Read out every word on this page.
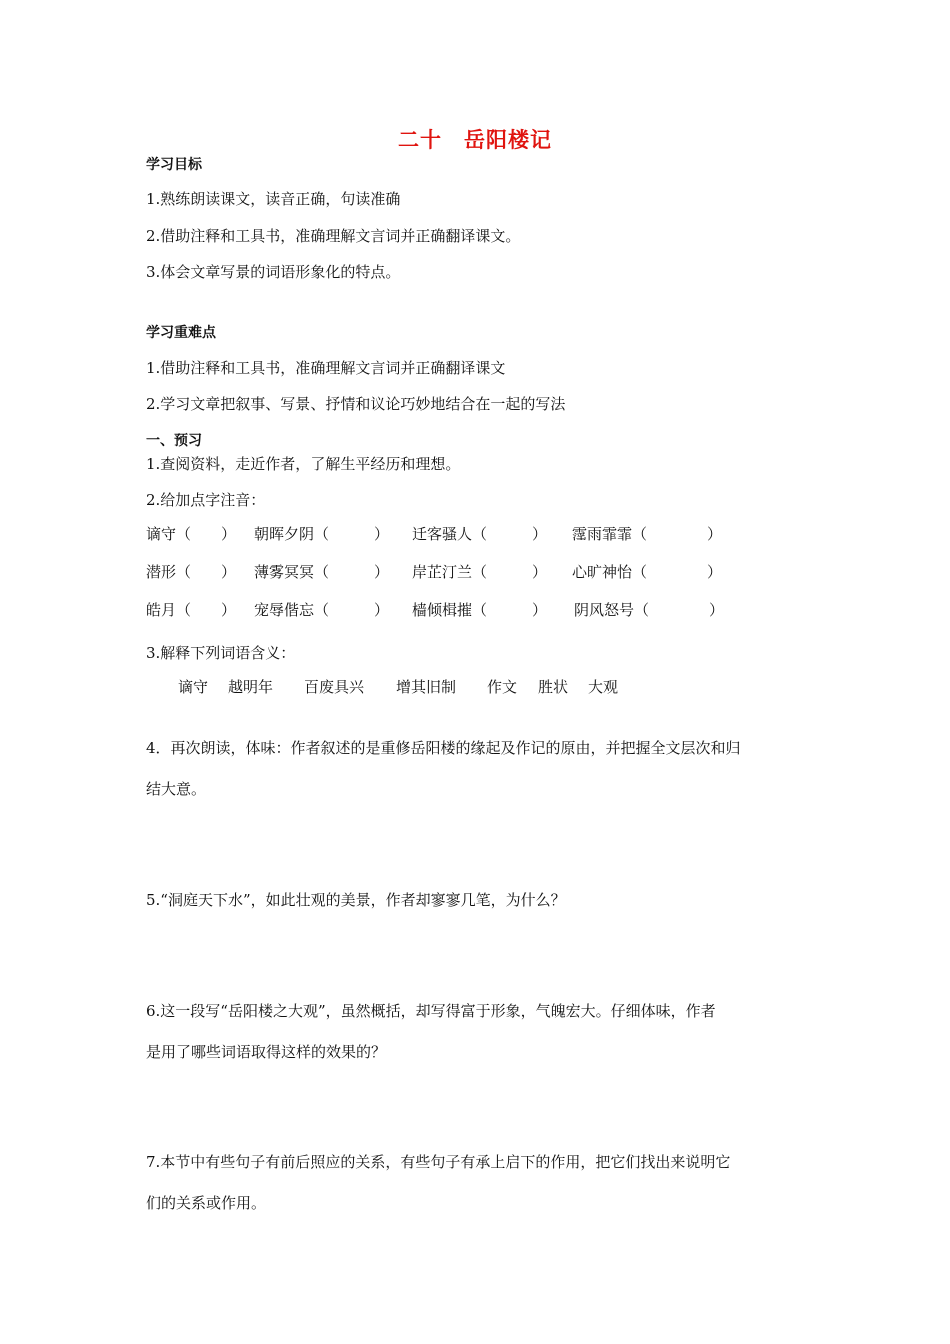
二十　岳阳楼记
学习目标
1.熟练朗读课文，读音正确，句读准确
2.借助注释和工具书，准确理解文言词并正确翻译课文。
3.体会文章写景的词语形象化的特点。
学习重难点
1.借助注释和工具书，准确理解文言词并正确翻译课文
2.学习文章把叙事、写景、抒情和议论巧妙地结合在一起的写法
一、预习
1.查阅资料，走近作者，了解生平经历和理想。
2.给加点字注音：
谪守（　　） 朝晖夕阴（　　　） 迁客骚人（　　　） 霪雨霏霏（　　　　）
潜形（　　） 薄雾冥冥（　　　） 岸芷汀兰（　　　） 心旷神怡（　　　　）
皓月（　　） 宠辱偕忘（　　　） 樯倾楫摧（　　　） 阴风怒号（　　　　）
3.解释下列词语含义：
谪守 越明年 百废具兴 增其旧制 作文 胜状 大观
4．再次朗读，体味：作者叙述的是重修岳阳楼的缘起及作记的原由，并把握全文层次和归
结大意。
5.“洞庭天下水”，如此壮观的美景，作者却寥寥几笔，为什么？
6.这一段写“岳阳楼之大观”，虽然概括，却写得富于形象，气魄宏大。仔细体味，作者
是用了哪些词语取得这样的效果的？
7.本节中有些句子有前后照应的关系，有些句子有承上启下的作用，把它们找出来说明它
们的关系或作用。
